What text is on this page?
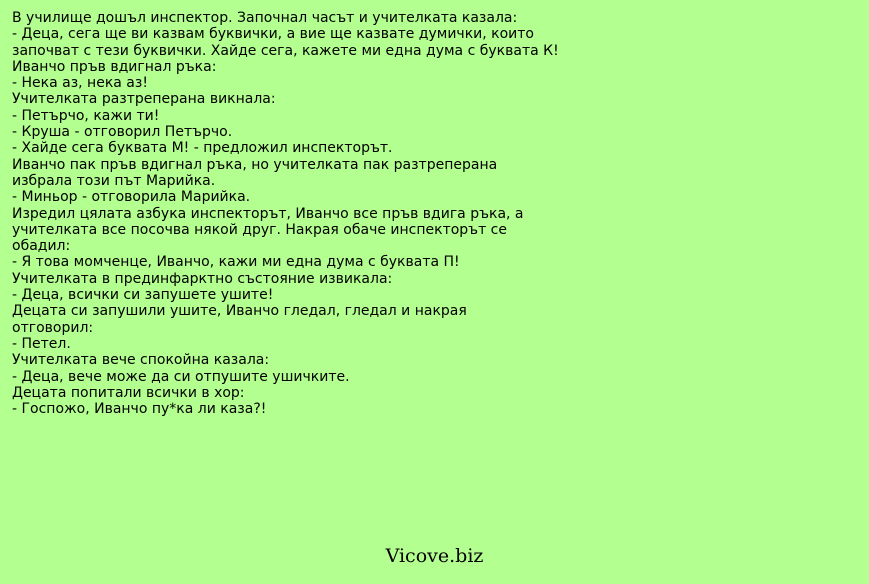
В училище дошъл инспектор. Започнал часът и учителката казала:
- Деца, сега ще ви казвам буквички, а вие ще казвате думички, които
започват с тези буквички. Хайде сега, кажете ми една дума с буквата К!
Иванчо пръв вдигнал ръка:
- Нека аз, нека аз!
Учителката разтреперана викнала:
- Петърчо, кажи ти!
- Круша - отговорил Петърчо.
- Хайде сега буквата М! - предложил инспекторът.
Иванчо пак пръв вдигнал ръка, но учителката пак разтреперана
избрала този път Марийка.
- Миньор - отговорила Марийка.
Изредил цялата азбука инспекторът, Иванчо все пръв вдига ръка, а
учителката все посочва някой друг. Накрая обаче инспекторът се
обадил:
- Я това момченце, Иванчо, кажи ми една дума с буквата П!
Учителката в прединфарктно състояние извикала:
- Деца, всички си запушете ушите!
Децата си запушили ушите, Иванчо гледал, гледал и накрая
отговорил:
- Петел.
Учителката вече спокойна казала:
- Деца, вече може да си отпушите ушичките.
Децата попитали всички в хор:
- Госпожо, Иванчо пу*ка ли каза?!
Vicove.biz
